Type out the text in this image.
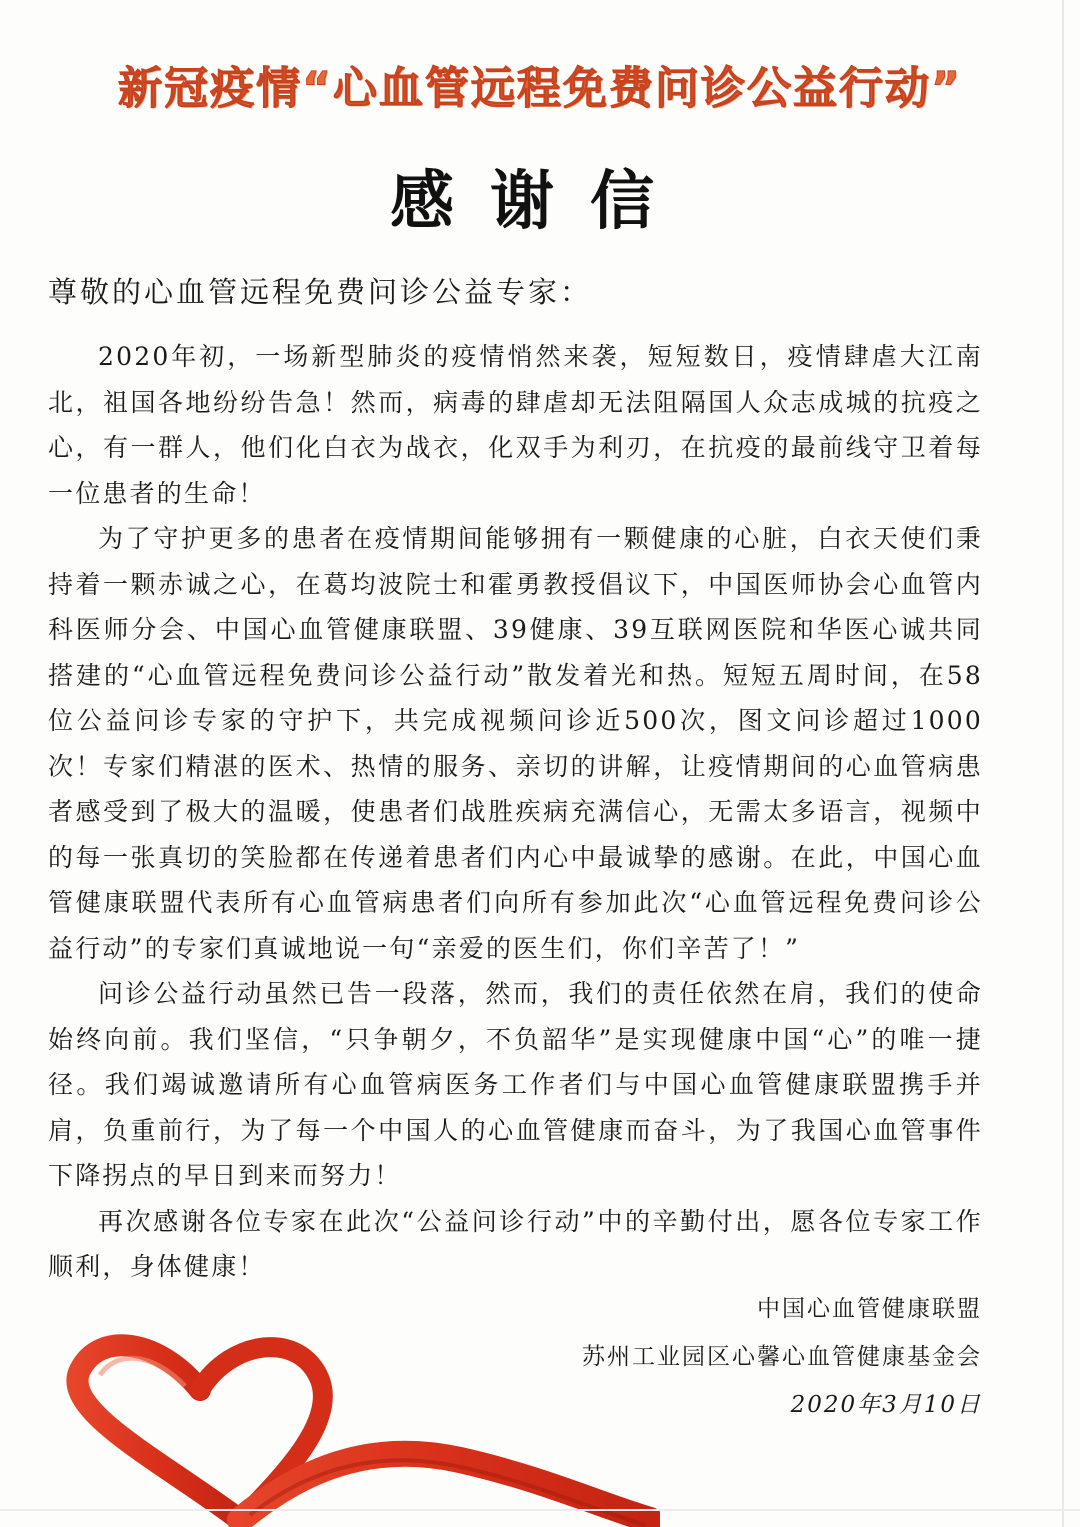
新冠疫情“心血管远程免费问诊公益行动”
感谢信
尊敬的心血管远程免费问诊公益专家：

2020年初，一场新型肺炎的疫情悄然来袭，短短数日，疫情肆虐大江南北，祖国各地纷纷告急！然而，病毒的肆虐却无法阻隔国人众志成城的抗疫之心，有一群人，他们化白衣为战衣，化双手为利刃，在抗疫的最前线守卫着每一位患者的生命！

为了守护更多的患者在疫情期间能够拥有一颗健康的心脏，白衣天使们秉持着一颗赤诚之心，在葛均波院士和霍勇教授倡议下，中国医师协会心血管内科医师分会、中国心血管健康联盟、39健康、39互联网医院和华医心诚共同搭建的“心血管远程免费问诊公益行动”散发着光和热。短短五周时间，在58位公益问诊专家的守护下，共完成视频问诊近500次，图文问诊超过1000次！专家们精湛的医术、热情的服务、亲切的讲解，让疫情期间的心血管病患者感受到了极大的温暖，使患者们战胜疾病充满信心，无需太多语言，视频中的每一张真切的笑脸都在传递着患者们内心中最诚挚的感谢。在此，中国心血管健康联盟代表所有心血管病患者们向所有参加此次“心血管远程免费问诊公益行动”的专家们真诚地说一句“亲爱的医生们，你们辛苦了！”

问诊公益行动虽然已告一段落，然而，我们的责任依然在肩，我们的使命始终向前。我们坚信，“只争朝夕，不负韶华”是实现健康中国“心”的唯一捷径。我们竭诚邀请所有心血管病医务工作者们与中国心血管健康联盟携手并肩，负重前行，为了每一个中国人的心血管健康而奋斗，为了我国心血管事件下降拐点的早日到来而努力！

再次感谢各位专家在此次“公益问诊行动”中的辛勤付出，愿各位专家工作顺利，身体健康！

中国心血管健康联盟
苏州工业园区心馨心血管健康基金会
2020年3月10日
